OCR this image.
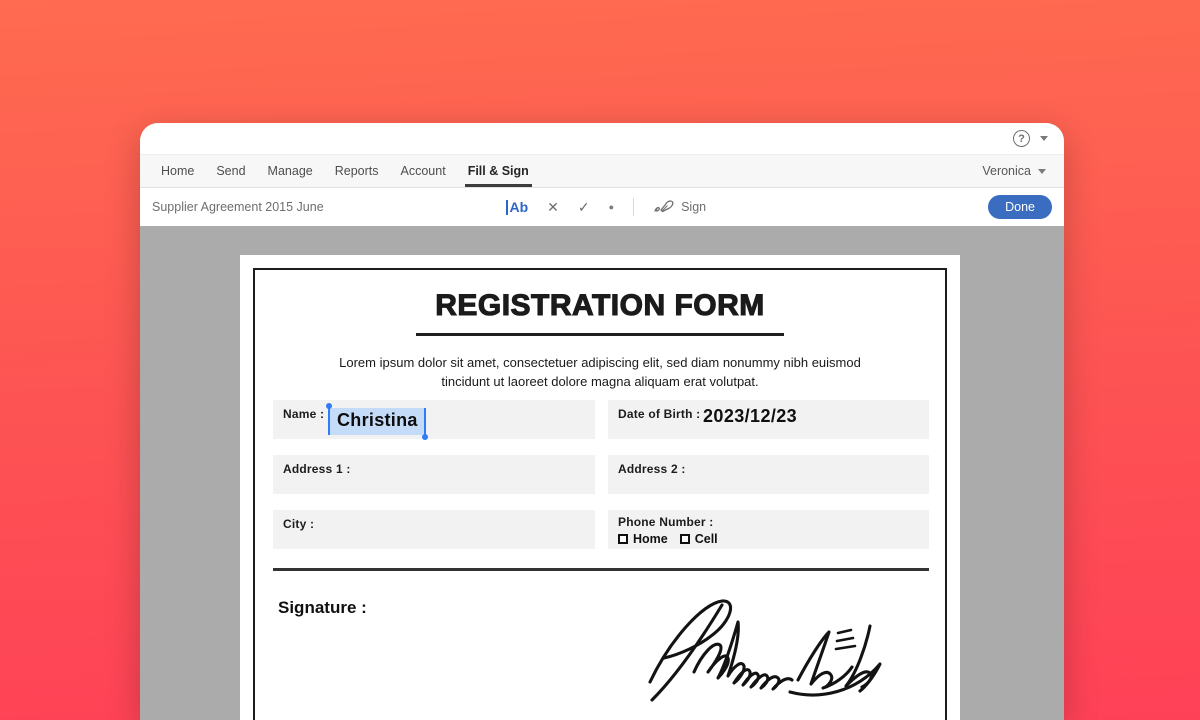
?
Home	Send	Manage	Reports	Account	Fill & Sign	Veronica
Supplier Agreement 2015 June	Ab ✕ ✓ ●	Sign	Done
REGISTRATION FORM
Lorem ipsum dolor sit amet, consectetuer adipiscing elit, sed diam nonummy nibh euismod
tincidunt ut laoreet dolore magna aliquam erat volutpat.
Name : Christina	Date of Birth : 2023/12/23
Address 1 :	Address 2 :
City :	Phone Number :
Home Cell
Signature :
